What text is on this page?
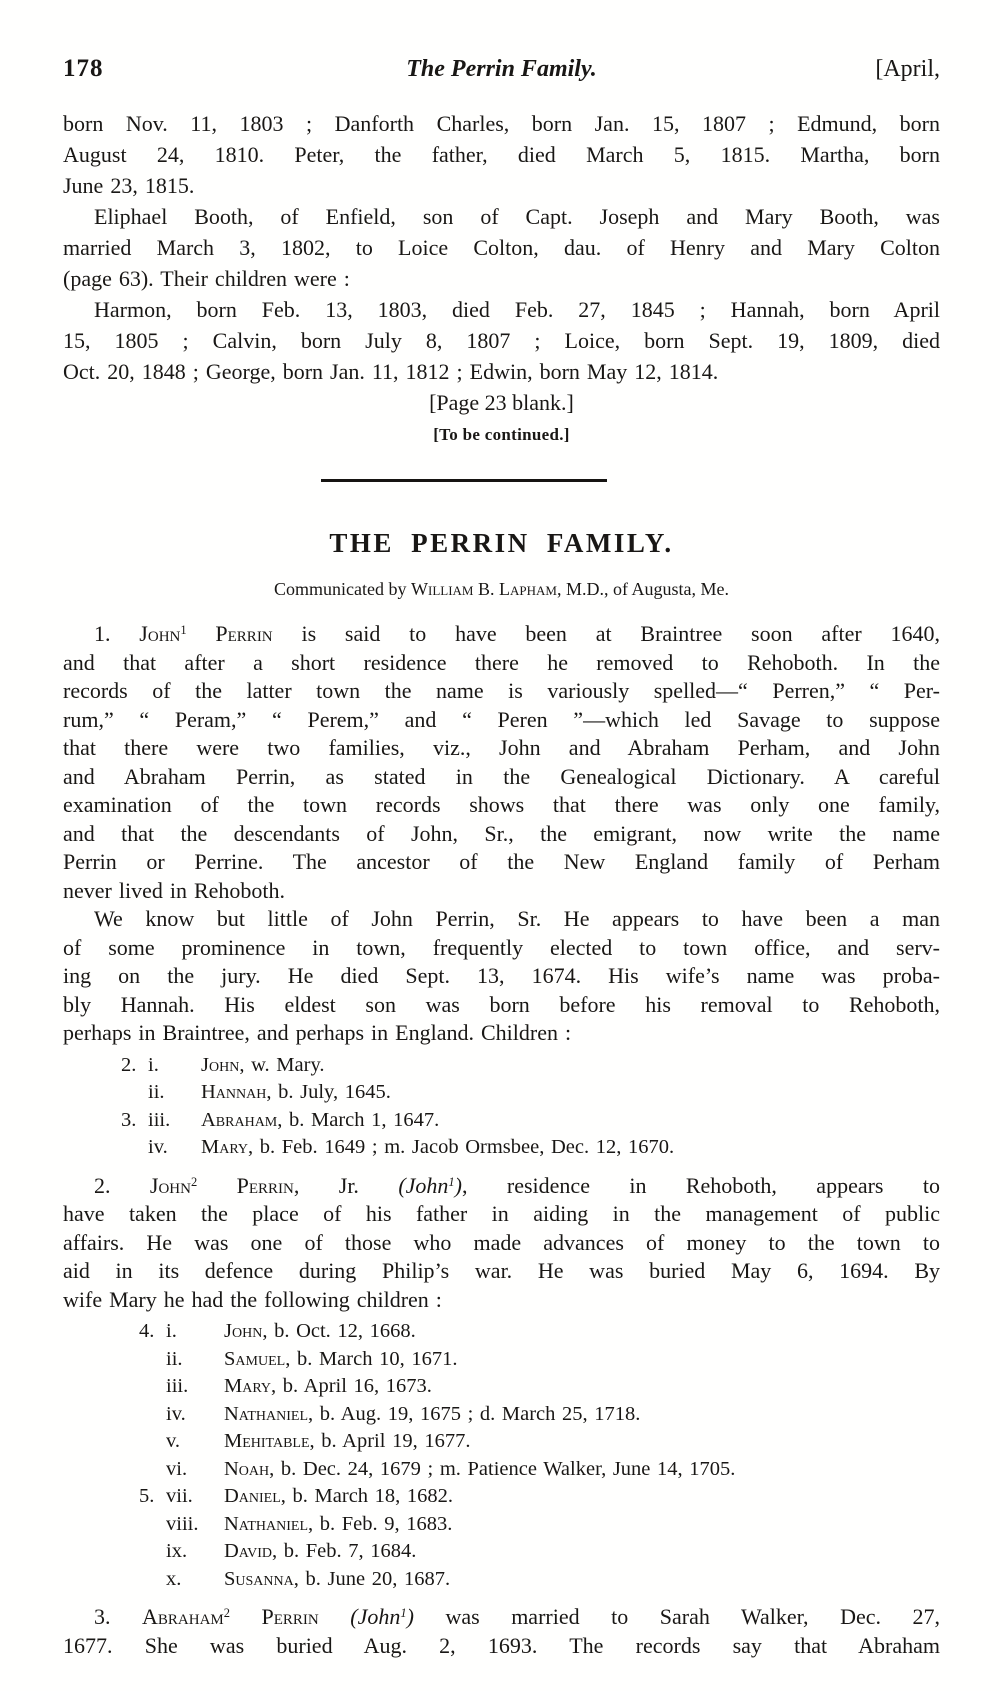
178	The Perrin Family.	[April,
born Nov. 11, 1803 ; Danforth Charles, born Jan. 15, 1807 ; Edmund, born
August 24, 1810. Peter, the father, died March 5, 1815. Martha, born
June 23, 1815.
Eliphael Booth, of Enfield, son of Capt. Joseph and Mary Booth, was
married March 3, 1802, to Loice Colton, dau. of Henry and Mary Colton
(page 63). Their children were :
Harmon, born Feb. 13, 1803, died Feb. 27, 1845 ; Hannah, born April
15, 1805 ; Calvin, born July 8, 1807 ; Loice, born Sept. 19, 1809, died
Oct. 20, 1848 ; George, born Jan. 11, 1812 ; Edwin, born May 12, 1814.
[Page 23 blank.]
[To be continued.]
THE PERRIN FAMILY.
Communicated by William B. Lapham, M.D., of Augusta, Me.
1. John$^1$ Perrin is said to have been at Braintree soon after 1640,
and that after a short residence there he removed to Rehoboth. In the
records of the latter town the name is variously spelled—“ Perren,” “ Per-
rum,” “ Peram,” “ Perem,” and “ Peren ”—which led Savage to suppose
that there were two families, viz., John and Abraham Perham, and John
and Abraham Perrin, as stated in the Genealogical Dictionary. A careful
examination of the town records shows that there was only one family,
and that the descendants of John, Sr., the emigrant, now write the name
Perrin or Perrine. The ancestor of the New England family of Perham
never lived in Rehoboth.
We know but little of John Perrin, Sr. He appears to have been a man
of some prominence in town, frequently elected to town office, and serv-
ing on the jury. He died Sept. 13, 1674. His wife’s name was proba-
bly Hannah. His eldest son was born before his removal to Rehoboth,
perhaps in Braintree, and perhaps in England. Children :
2. i.	John, w. Mary.
ii.	Hannah, b. July, 1645.
3. iii.	Abraham, b. March 1, 1647.
iv.	Mary, b. Feb. 1649 ; m. Jacob Ormsbee, Dec. 12, 1670.
2. John$^2$ Perrin, Jr. (John$^1$), residence in Rehoboth, appears to
have taken the place of his father in aiding in the management of public
affairs. He was one of those who made advances of money to the town to
aid in its defence during Philip’s war. He was buried May 6, 1694. By
wife Mary he had the following children :
4. i.	John, b. Oct. 12, 1668.
ii.	Samuel, b. March 10, 1671.
iii.	Mary, b. April 16, 1673.
iv.	Nathaniel, b. Aug. 19, 1675 ; d. March 25, 1718.
v.	Mehitable, b. April 19, 1677.
vi.	Noah, b. Dec. 24, 1679 ; m. Patience Walker, June 14, 1705.
5. vii.	Daniel, b. March 18, 1682.
viii.	Nathaniel, b. Feb. 9, 1683.
ix.	David, b. Feb. 7, 1684.
x.	Susanna, b. June 20, 1687.
3. Abraham$^2$ Perrin (John$^1$) was married to Sarah Walker, Dec. 27,
1677. She was buried Aug. 2, 1693. The records say that Abraham
